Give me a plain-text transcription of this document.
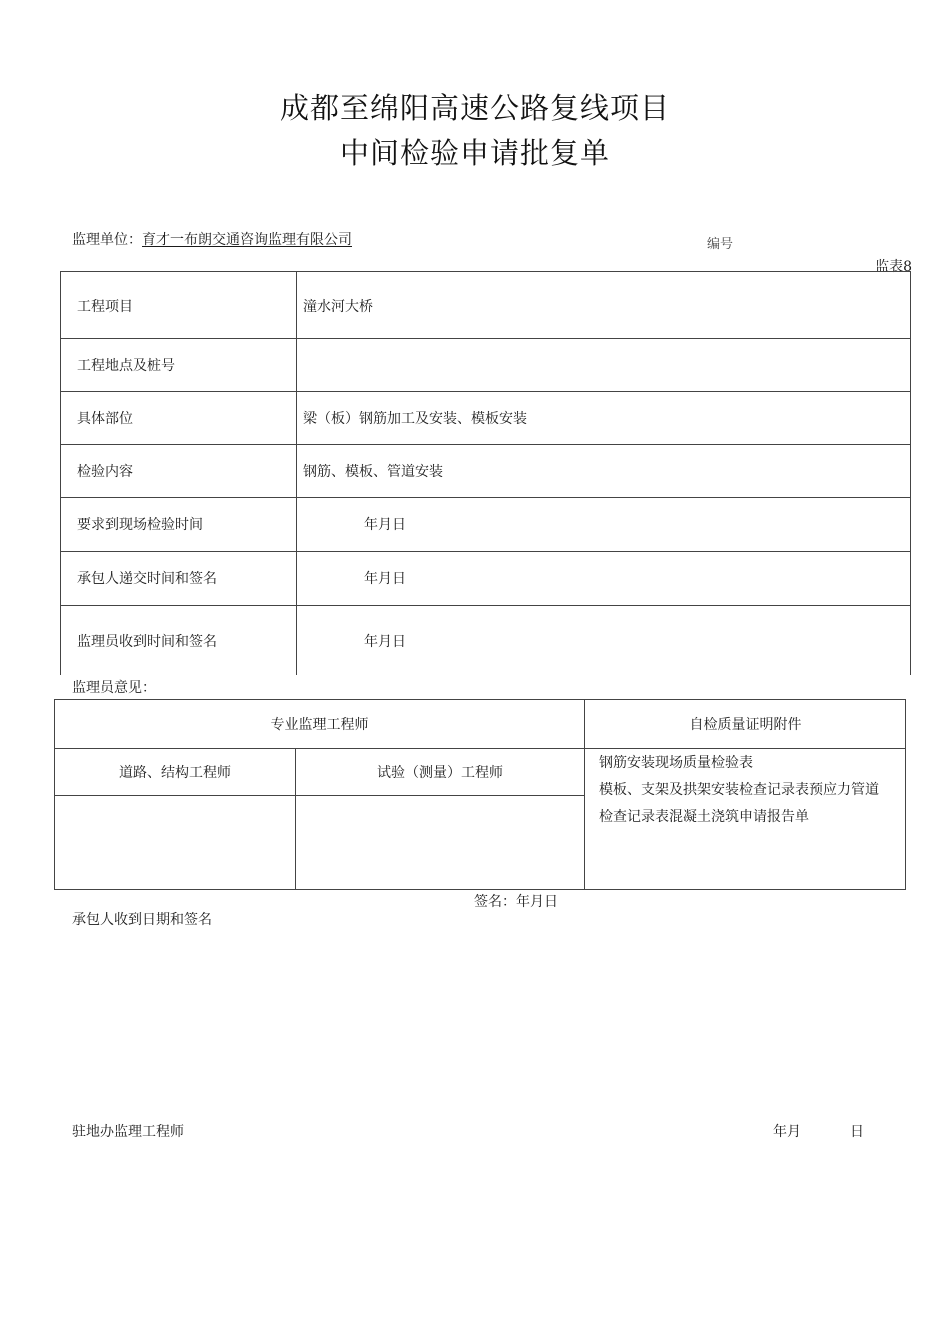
成都至绵阳高速公路复线项目
中间检验申请批复单
监理单位：育才一布朗交通咨询监理有限公司	编号
监表8
工程项目	潼水河大桥
工程地点及桩号
具体部位	梁（板）钢筋加工及安装、模板安装
检验内容	钢筋、模板、管道安装
要求到现场检验时间	年月日
承包人递交时间和签名	年月日
监理员收到时间和签名	年月日
监理员意见：
专业监理工程师	自检质量证明附件
道路、结构工程师	试验（测量）工程师
钢筋安装现场质量检验表
模板、支架及拱架安装检查记录表预应力管道
检查记录表混凝土浇筑申请报告单
签名：年月日
承包人收到日期和签名
驻地办监理工程师	年月	日
